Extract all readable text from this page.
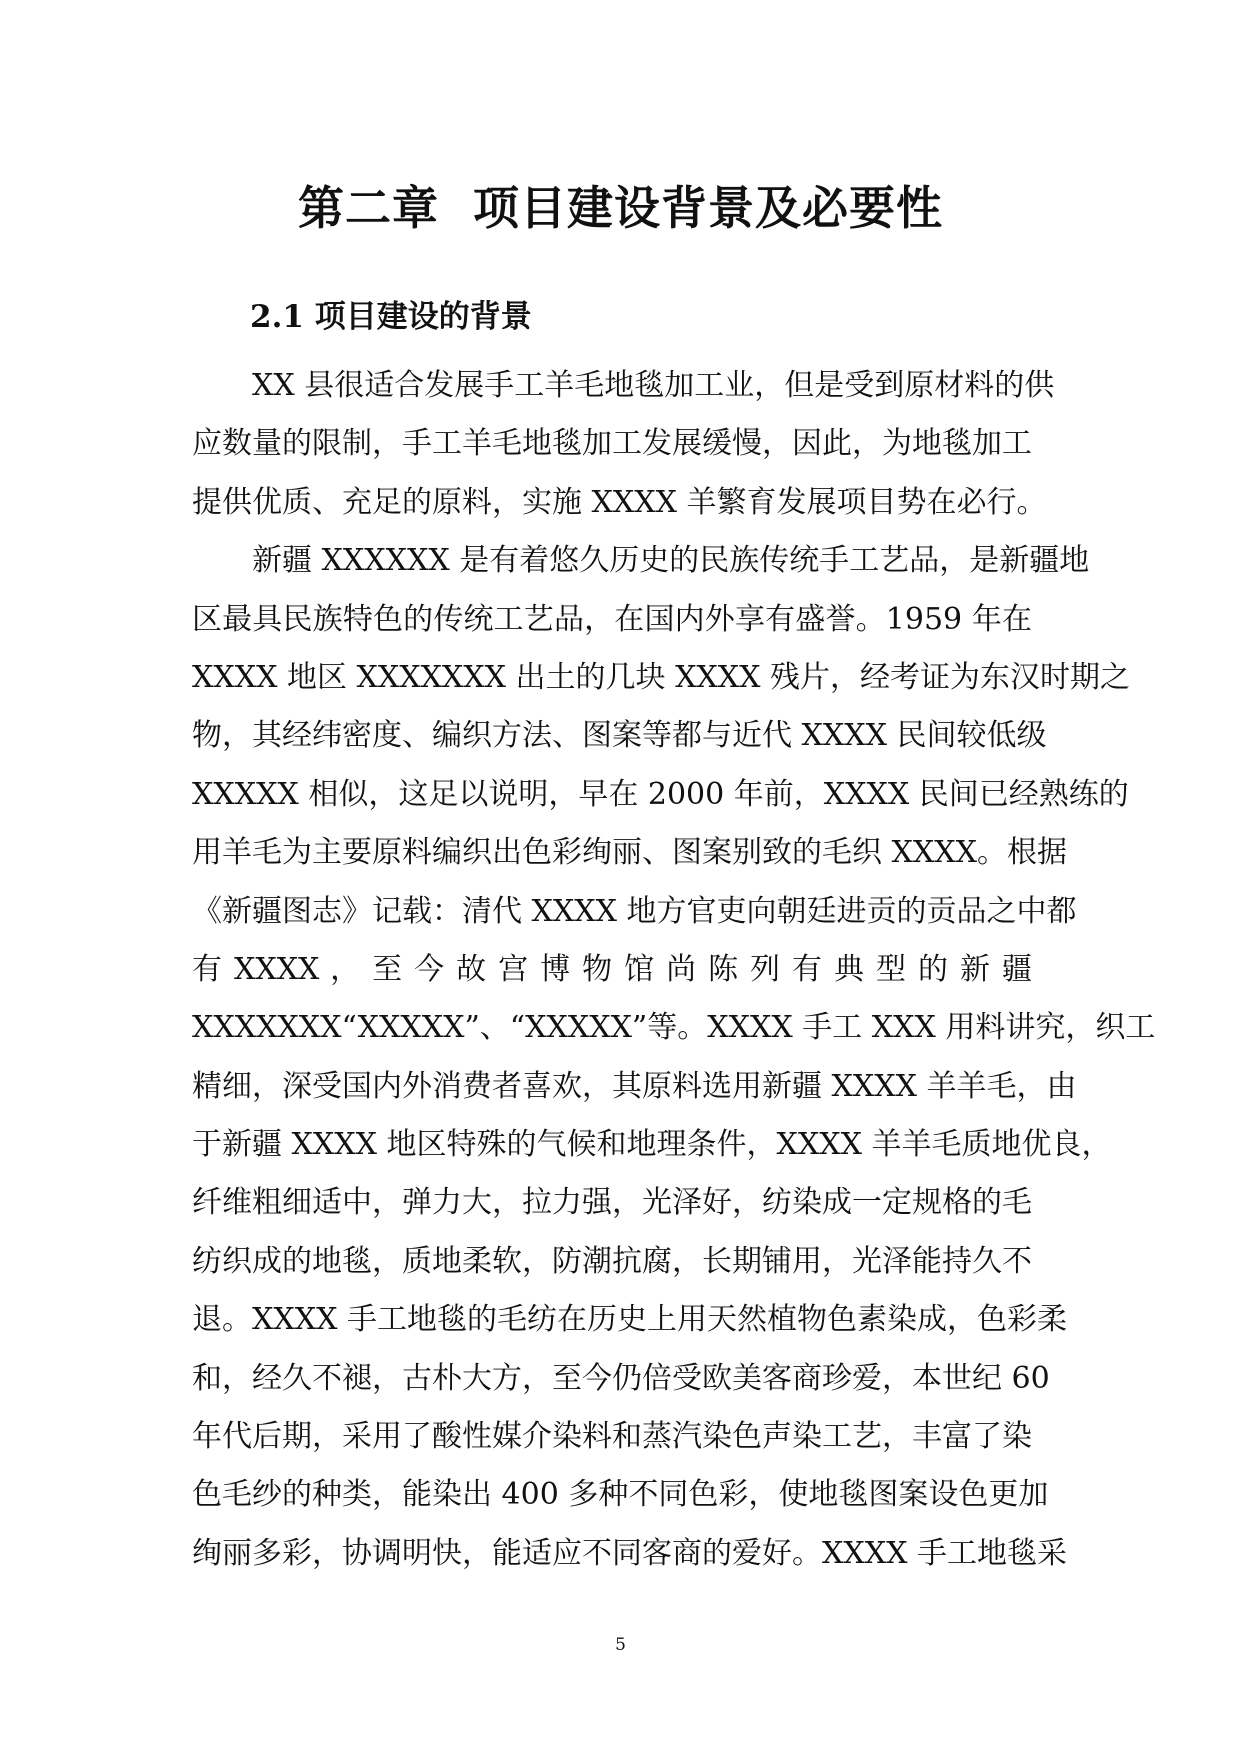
第二章  项目建设背景及必要性
2.1 项目建设的背景
XX 县很适合发展手工羊毛地毯加工业，但是受到原材料的供
应数量的限制，手工羊毛地毯加工发展缓慢，因此，为地毯加工
提供优质、充足的原料，实施 XXXX 羊繁育发展项目势在必行。
新疆 XXXXXX 是有着悠久历史的民族传统手工艺品，是新疆地
区最具民族特色的传统工艺品，在国内外享有盛誉。1959 年在
XXXX 地区 XXXXXXX 出土的几块 XXXX 残片，经考证为东汉时期之
物，其经纬密度、编织方法、图案等都与近代 XXXX 民间较低级
XXXXX 相似，这足以说明，早在 2000 年前，XXXX 民间已经熟练的
用羊毛为主要原料编织出色彩绚丽、图案别致的毛织 XXXX。根据
《新疆图志》记载：清代 XXXX 地方官吏向朝廷进贡的贡品之中都
有 XXXX ， 至 今 故 宫 博 物 馆 尚 陈 列 有 典 型 的 新 疆
XXXXXXX“XXXXX”、“XXXXX”等。XXXX 手工 XXX 用料讲究，织工
精细，深受国内外消费者喜欢，其原料选用新疆 XXXX 羊羊毛，由
于新疆 XXXX 地区特殊的气候和地理条件，XXXX 羊羊毛质地优良，
纤维粗细适中，弹力大，拉力强，光泽好，纺染成一定规格的毛
纺织成的地毯，质地柔软，防潮抗腐，长期铺用，光泽能持久不
退。XXXX 手工地毯的毛纺在历史上用天然植物色素染成，色彩柔
和，经久不褪，古朴大方，至今仍倍受欧美客商珍爱，本世纪 60
年代后期，采用了酸性媒介染料和蒸汽染色声染工艺，丰富了染
色毛纱的种类，能染出 400 多种不同色彩，使地毯图案设色更加
绚丽多彩，协调明快，能适应不同客商的爱好。XXXX 手工地毯采
5
